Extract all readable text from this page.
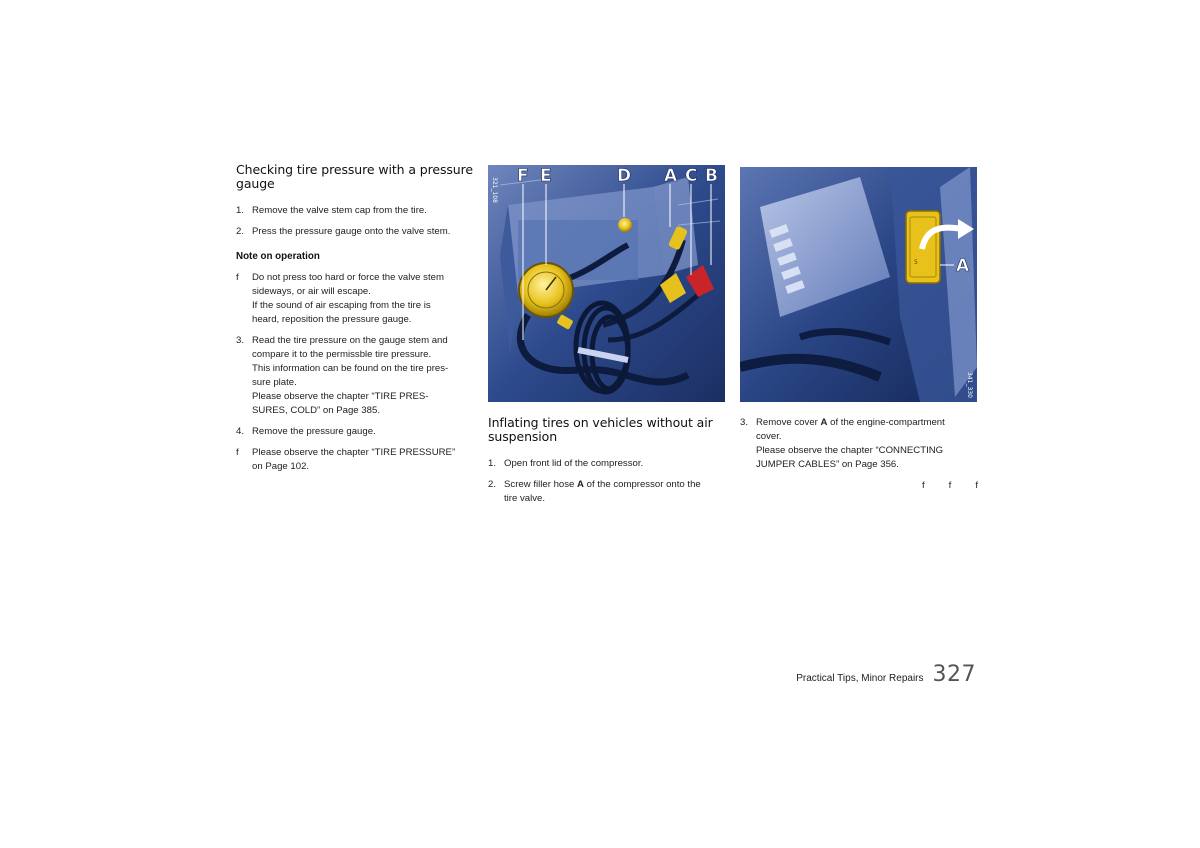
Checking tire pressure with a pressure gauge
1. Remove the valve stem cap from the tire.

2. Press the pressure gauge onto the valve stem.

Note on operation
f	Do not press too hard or force the valve stem

sideways, or air will escape.

If the sound of air escaping from the tire is

heard, reposition the pressure gauge.

3. Read the tire pressure on the gauge stem and

compare it to the permissble tire pressure.

This information can be found on the tire pres-

sure plate.

Please observe the chapter “TIRE PRES-

SURES, COLD” on Page 385.

4. Remove the pressure gauge.

f	Please observe the chapter “TIRE PRESSURE”

on Page 102.

F E	D A C B
321_108
Inflating tires on vehicles without air suspension
1. Open front lid of the compressor.

2. Screw filler hose A of the compressor onto the

tire valve.

5 A
341_330
3. Remove cover A of the engine-compartment

cover.

Please observe the chapter “CONNECTING

JUMPER CABLES” on Page 356.

f f f
Practical Tips, Minor Repairs 327
